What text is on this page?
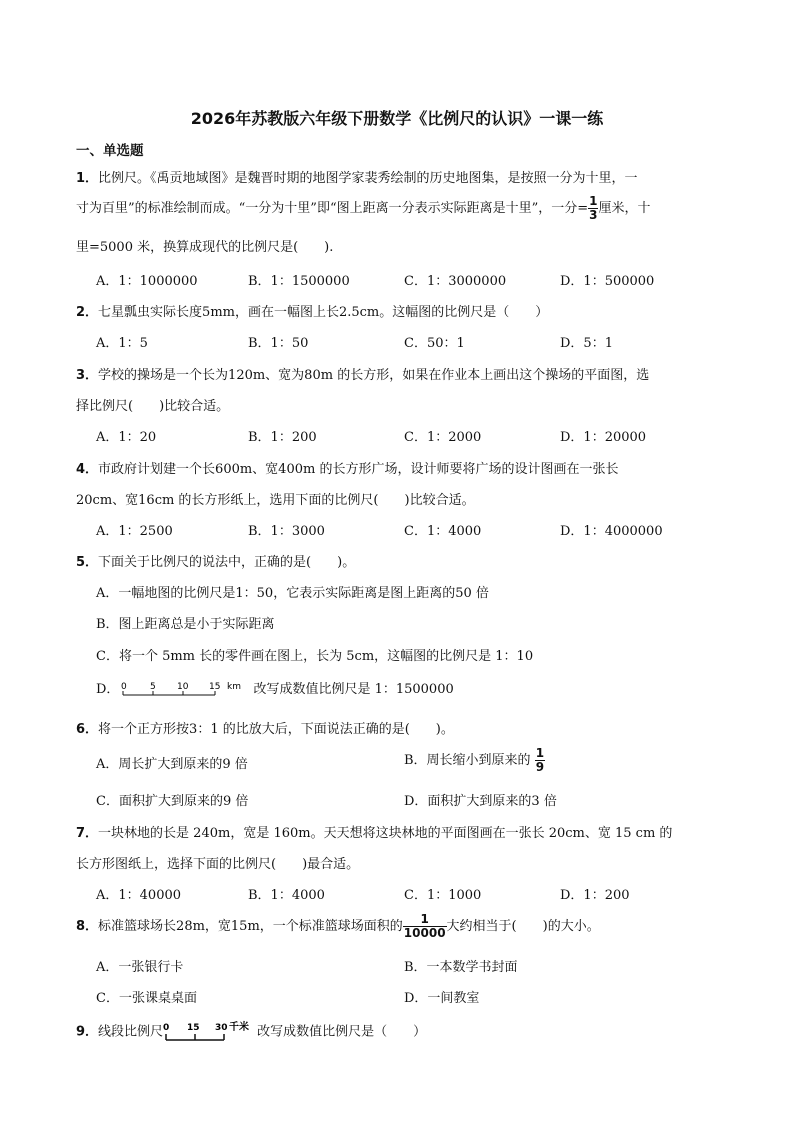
2026年苏教版六年级下册数学《比例尺的认识》一课一练
一、单选题
1．比例尺。《禹贡地域图》是魏晋时期的地图学家裴秀绘制的历史地图集，是按照一分为十里，一
寸为百里”的标准绘制而成。“一分为十里”即“图上距离一分表示实际距离是十里”，一分= $\frac{1}{3}$ 厘米，十
里=5000 米，换算成现代的比例尺是(　　).
A．1：1000000	B．1：1500000	C．1：3000000	D．1：500000
2．七星瓢虫实际长度5mm，画在一幅图上长2.5cm。这幅图的比例尺是（　　）
A．1：5	B．1：50	C．50：1	D．5：1
3．学校的操场是一个长为120m、宽为80m 的长方形，如果在作业本上画出这个操场的平面图，选
择比例尺(　　)比较合适。
A．1：20	B．1：200	C．1：2000	D．1：20000
4．市政府计划建一个长600m、宽400m 的长方形广场，设计师要将广场的设计图画在一张长
20cm、宽16cm 的长方形纸上，选用下面的比例尺(　　)比较合适。
A．1：2500	B．1：3000	C．1：4000	D．1：4000000
5．下面关于比例尺的说法中，正确的是(　　)。
A．一幅地图的比例尺是1：50，它表示实际距离是图上距离的50 倍
B．图上距离总是小于实际距离
C．将一个 5mm 长的零件画在图上，长为 5cm，这幅图的比例尺是 1：10
D． 0	5 10 15 km 改写成数值比例尺是 1：1500000
6．将一个正方形按3：1 的比放大后，下面说法正确的是(　　)。
A．周长扩大到原来的9 倍	B．周长缩小到原来的 $\frac{1}{9}$
C．面积扩大到原来的9 倍	D．面积扩大到原来的3 倍
7．一块林地的长是 240m，宽是 160m。天天想将这块林地的平面图画在一张长 20cm、宽 15 cm 的
长方形图纸上，选择下面的比例尺(　　)最合适。
A．1：40000	B．1：4000	C．1：1000	D．1：200
8．标准篮球场长28m，宽15m，一个标准篮球场面积的 $\frac{1}{10000}$ 大约相当于(　　)的大小。
A．一张银行卡	B．一本数学书封面
C．一张课桌桌面	D．一间教室
9．线段比例尺 0 15 30 千米 改写成数值比例尺是（　　）
